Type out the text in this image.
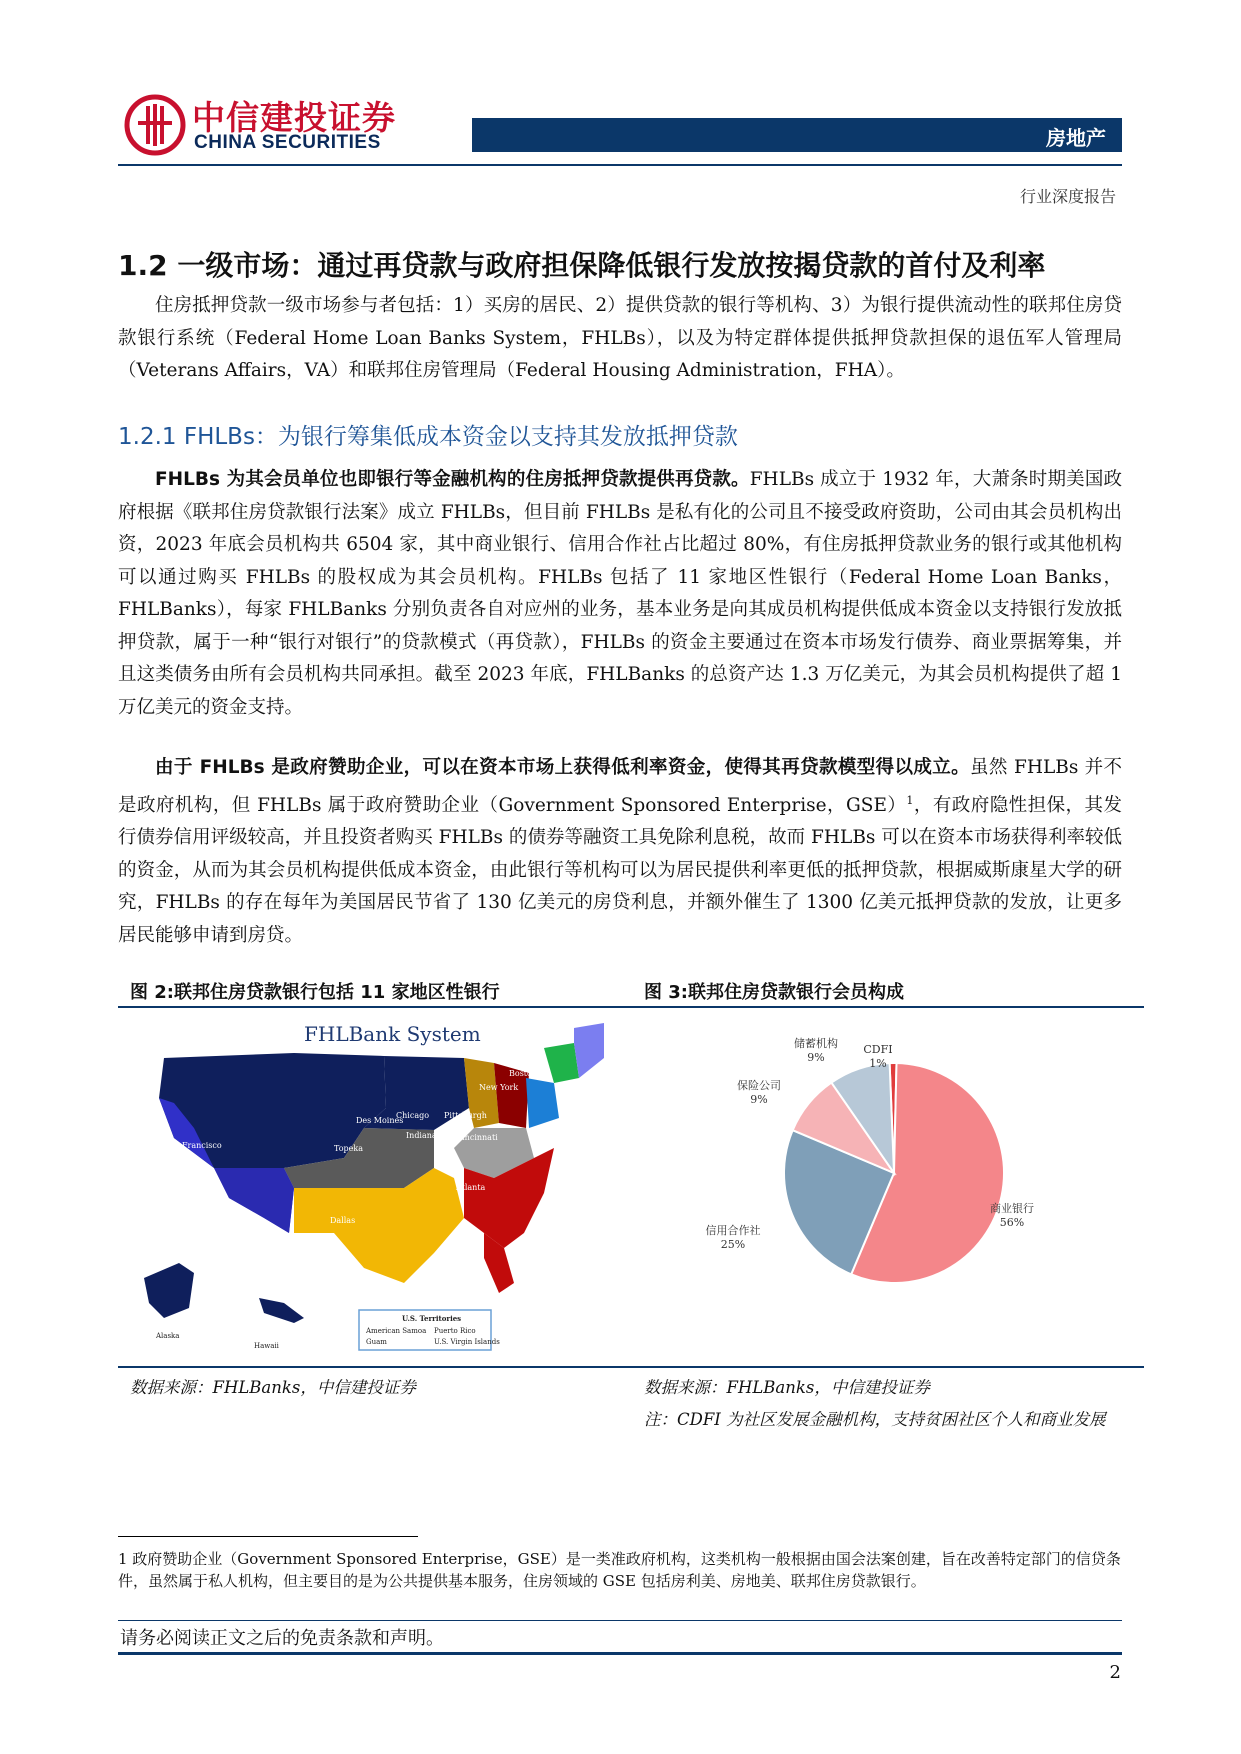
中信建投证券
CHINA SECURITIES	房地产
行业深度报告
1.2 一级市场：通过再贷款与政府担保降低银行发放按揭贷款的首付及利率
住房抵押贷款一级市场参与者包括：1）买房的居民、2）提供贷款的银行等机构、3）为银行提供流动性的联邦住房贷款银行系统（Federal Home Loan Banks System，FHLBs），以及为特定群体提供抵押贷款担保的退伍军人管理局（Veterans Affairs，VA）和联邦住房管理局（Federal Housing Administration，FHA）。
1.2.1 FHLBs：为银行筹集低成本资金以支持其发放抵押贷款
FHLBs 为其会员单位也即银行等金融机构的住房抵押贷款提供再贷款。FHLBs 成立于 1932 年，大萧条时期美国政府根据《联邦住房贷款银行法案》成立 FHLBs，但目前 FHLBs 是私有化的公司且不接受政府资助，公司由其会员机构出资，2023 年底会员机构共 6504 家，其中商业银行、信用合作社占比超过 80%，有住房抵押贷款业务的银行或其他机构可以通过购买 FHLBs 的股权成为其会员机构。FHLBs 包括了 11 家地区性银行（Federal Home Loan Banks，FHLBanks），每家 FHLBanks 分别负责各自对应州的业务，基本业务是向其成员机构提供低成本资金以支持银行发放抵押贷款，属于一种“银行对银行”的贷款模式（再贷款），FHLBs 的资金主要通过在资本市场发行债券、商业票据筹集，并且这类债务由所有会员机构共同承担。截至 2023 年底，FHLBanks 的总资产达 1.3 万亿美元，为其会员机构提供了超 1 万亿美元的资金支持。
由于 FHLBs 是政府赞助企业，可以在资本市场上获得低利率资金，使得其再贷款模型得以成立。虽然 FHLBs 并不是政府机构，但 FHLBs 属于政府赞助企业（Government Sponsored Enterprise，GSE）$^1$，有政府隐性担保，其发行债券信用评级较高，并且投资者购买 FHLBs 的债券等融资工具免除利息税，故而 FHLBs 可以在资本市场获得利率较低的资金，从而为其会员机构提供低成本资金，由此银行等机构可以为居民提供利率更低的抵押贷款，根据威斯康星大学的研究，FHLBs 的存在每年为美国居民节省了 130 亿美元的房贷利息，并额外催生了 1300 亿美元抵押贷款的发放，让更多居民能够申请到房贷。
图 2:联邦住房贷款银行包括 11 家地区性银行	图 3:联邦住房贷款银行会员构成
FHLBank System
San Francisco
Des Moines
Chicago
Topeka
Indianapolis Cincinnati
Pittsburgh
New York
Boston
Dallas
Atlanta
Alaska
Hawaii
U.S. Territories
American Samoa
Guam
Puerto Rico
U.S. Virgin Islands
商业银行
56%
信用合作社
25%
保险公司
9%
储蓄机构
9%
CDFI
1%
数据来源：FHLBanks，中信建投证券	数据来源：FHLBanks，中信建投证券
注：CDFI 为社区发展金融机构，支持贫困社区个人和商业发展
1 政府赞助企业（Government Sponsored Enterprise，GSE）是一类准政府机构，这类机构一般根据由国会法案创建，旨在改善特定部门的信贷条件，虽然属于私人机构，但主要目的是为公共提供基本服务，住房领域的 GSE 包括房利美、房地美、联邦住房贷款银行。
请务必阅读正文之后的免责条款和声明。
2
